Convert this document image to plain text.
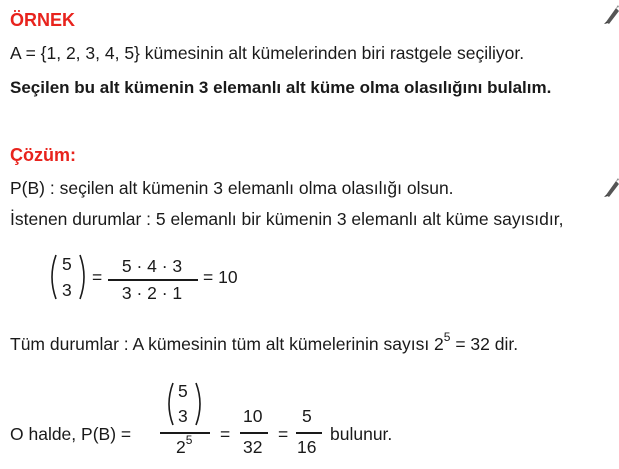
ÖRNEK
A = {1, 2, 3, 4, 5} kümesinin alt kümelerinden biri rastgele seçiliyor.
Seçilen bu alt kümenin 3 elemanlı alt küme olma olasılığını bulalım.
Çözüm:
P(B) : seçilen alt kümenin 3 elemanlı olma olasılığı olsun.
İstenen durumlar : 5 elemanlı bir kümenin 3 elemanlı alt küme sayısıdır,
5
3
=
5 · 4 · 3
3 · 2 · 1
= 10
Tüm durumlar : A kümesinin tüm alt kümelerinin sayısı $2^5 = 32$ dir.
O halde, P(B) =
5
3
$2^5$ =
10
32
=
5
16
bulunur.
